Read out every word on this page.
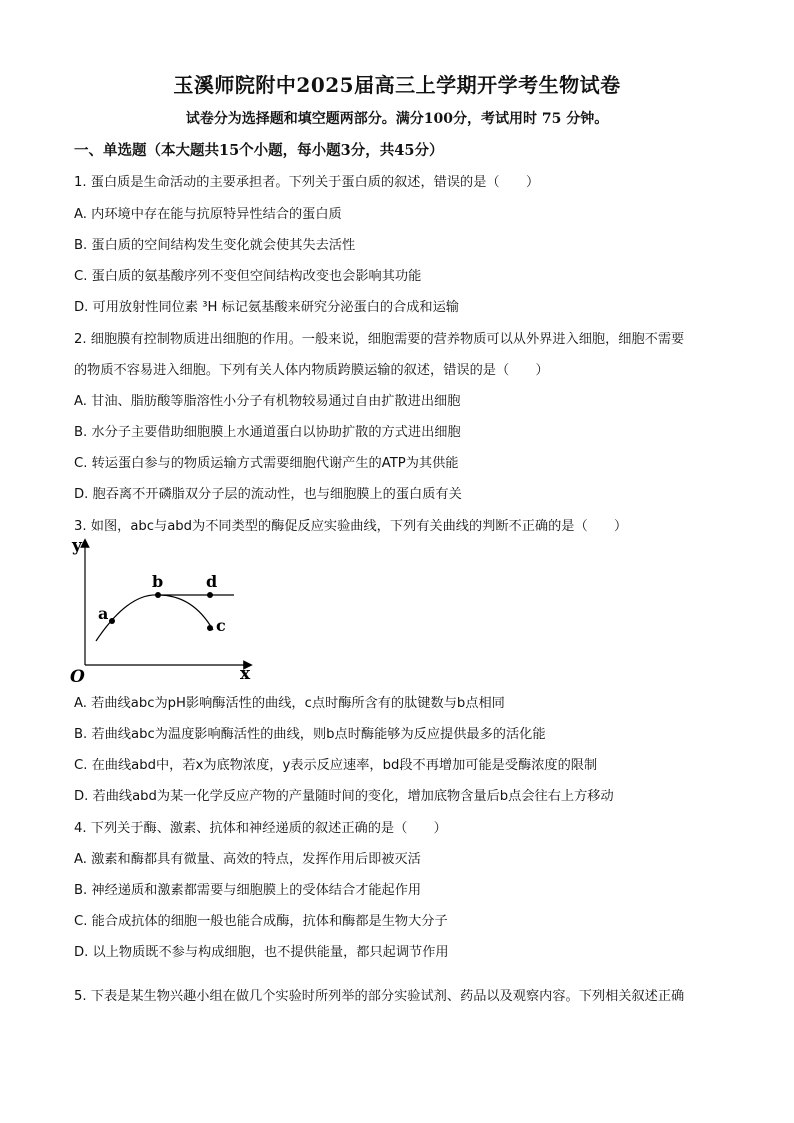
玉溪师院附中2025届高三上学期开学考生物试卷
试卷分为选择题和填空题两部分。满分100分，考试用时 75 分钟。
一、单选题（本大题共15个小题，每小题3分，共45分）
1. 蛋白质是生命活动的主要承担者。下列关于蛋白质的叙述，错误的是（　　）
A. 内环境中存在能与抗原特异性结合的蛋白质
B. 蛋白质的空间结构发生变化就会使其失去活性
C. 蛋白质的氨基酸序列不变但空间结构改变也会影响其功能
D. 可用放射性同位素 ³H 标记氨基酸来研究分泌蛋白的合成和运输
2. 细胞膜有控制物质进出细胞的作用。一般来说，细胞需要的营养物质可以从外界进入细胞，细胞不需要
的物质不容易进入细胞。下列有关人体内物质跨膜运输的叙述，错误的是（　　）
A. 甘油、脂肪酸等脂溶性小分子有机物较易通过自由扩散进出细胞
B. 水分子主要借助细胞膜上水通道蛋白以协助扩散的方式进出细胞
C. 转运蛋白参与的物质运输方式需要细胞代谢产生的ATP为其供能
D. 胞吞离不开磷脂双分子层的流动性，也与细胞膜上的蛋白质有关
3. 如图，abc与abd为不同类型的酶促反应实验曲线，下列有关曲线的判断不正确的是（　　）
y
x
O
a
b	d
c
A. 若曲线abc为pH影响酶活性的曲线，c点时酶所含有的肽键数与b点相同
B. 若曲线abc为温度影响酶活性的曲线，则b点时酶能够为反应提供最多的活化能
C. 在曲线abd中，若x为底物浓度，y表示反应速率，bd段不再增加可能是受酶浓度的限制
D. 若曲线abd为某一化学反应产物的产量随时间的变化，增加底物含量后b点会往右上方移动
4. 下列关于酶、激素、抗体和神经递质的叙述正确的是（　　）
A. 激素和酶都具有微量、高效的特点，发挥作用后即被灭活
B. 神经递质和激素都需要与细胞膜上的受体结合才能起作用
C. 能合成抗体的细胞一般也能合成酶，抗体和酶都是生物大分子
D. 以上物质既不参与构成细胞，也不提供能量，都只起调节作用
5. 下表是某生物兴趣小组在做几个实验时所列举的部分实验试剂、药品以及观察内容。下列相关叙述正确
